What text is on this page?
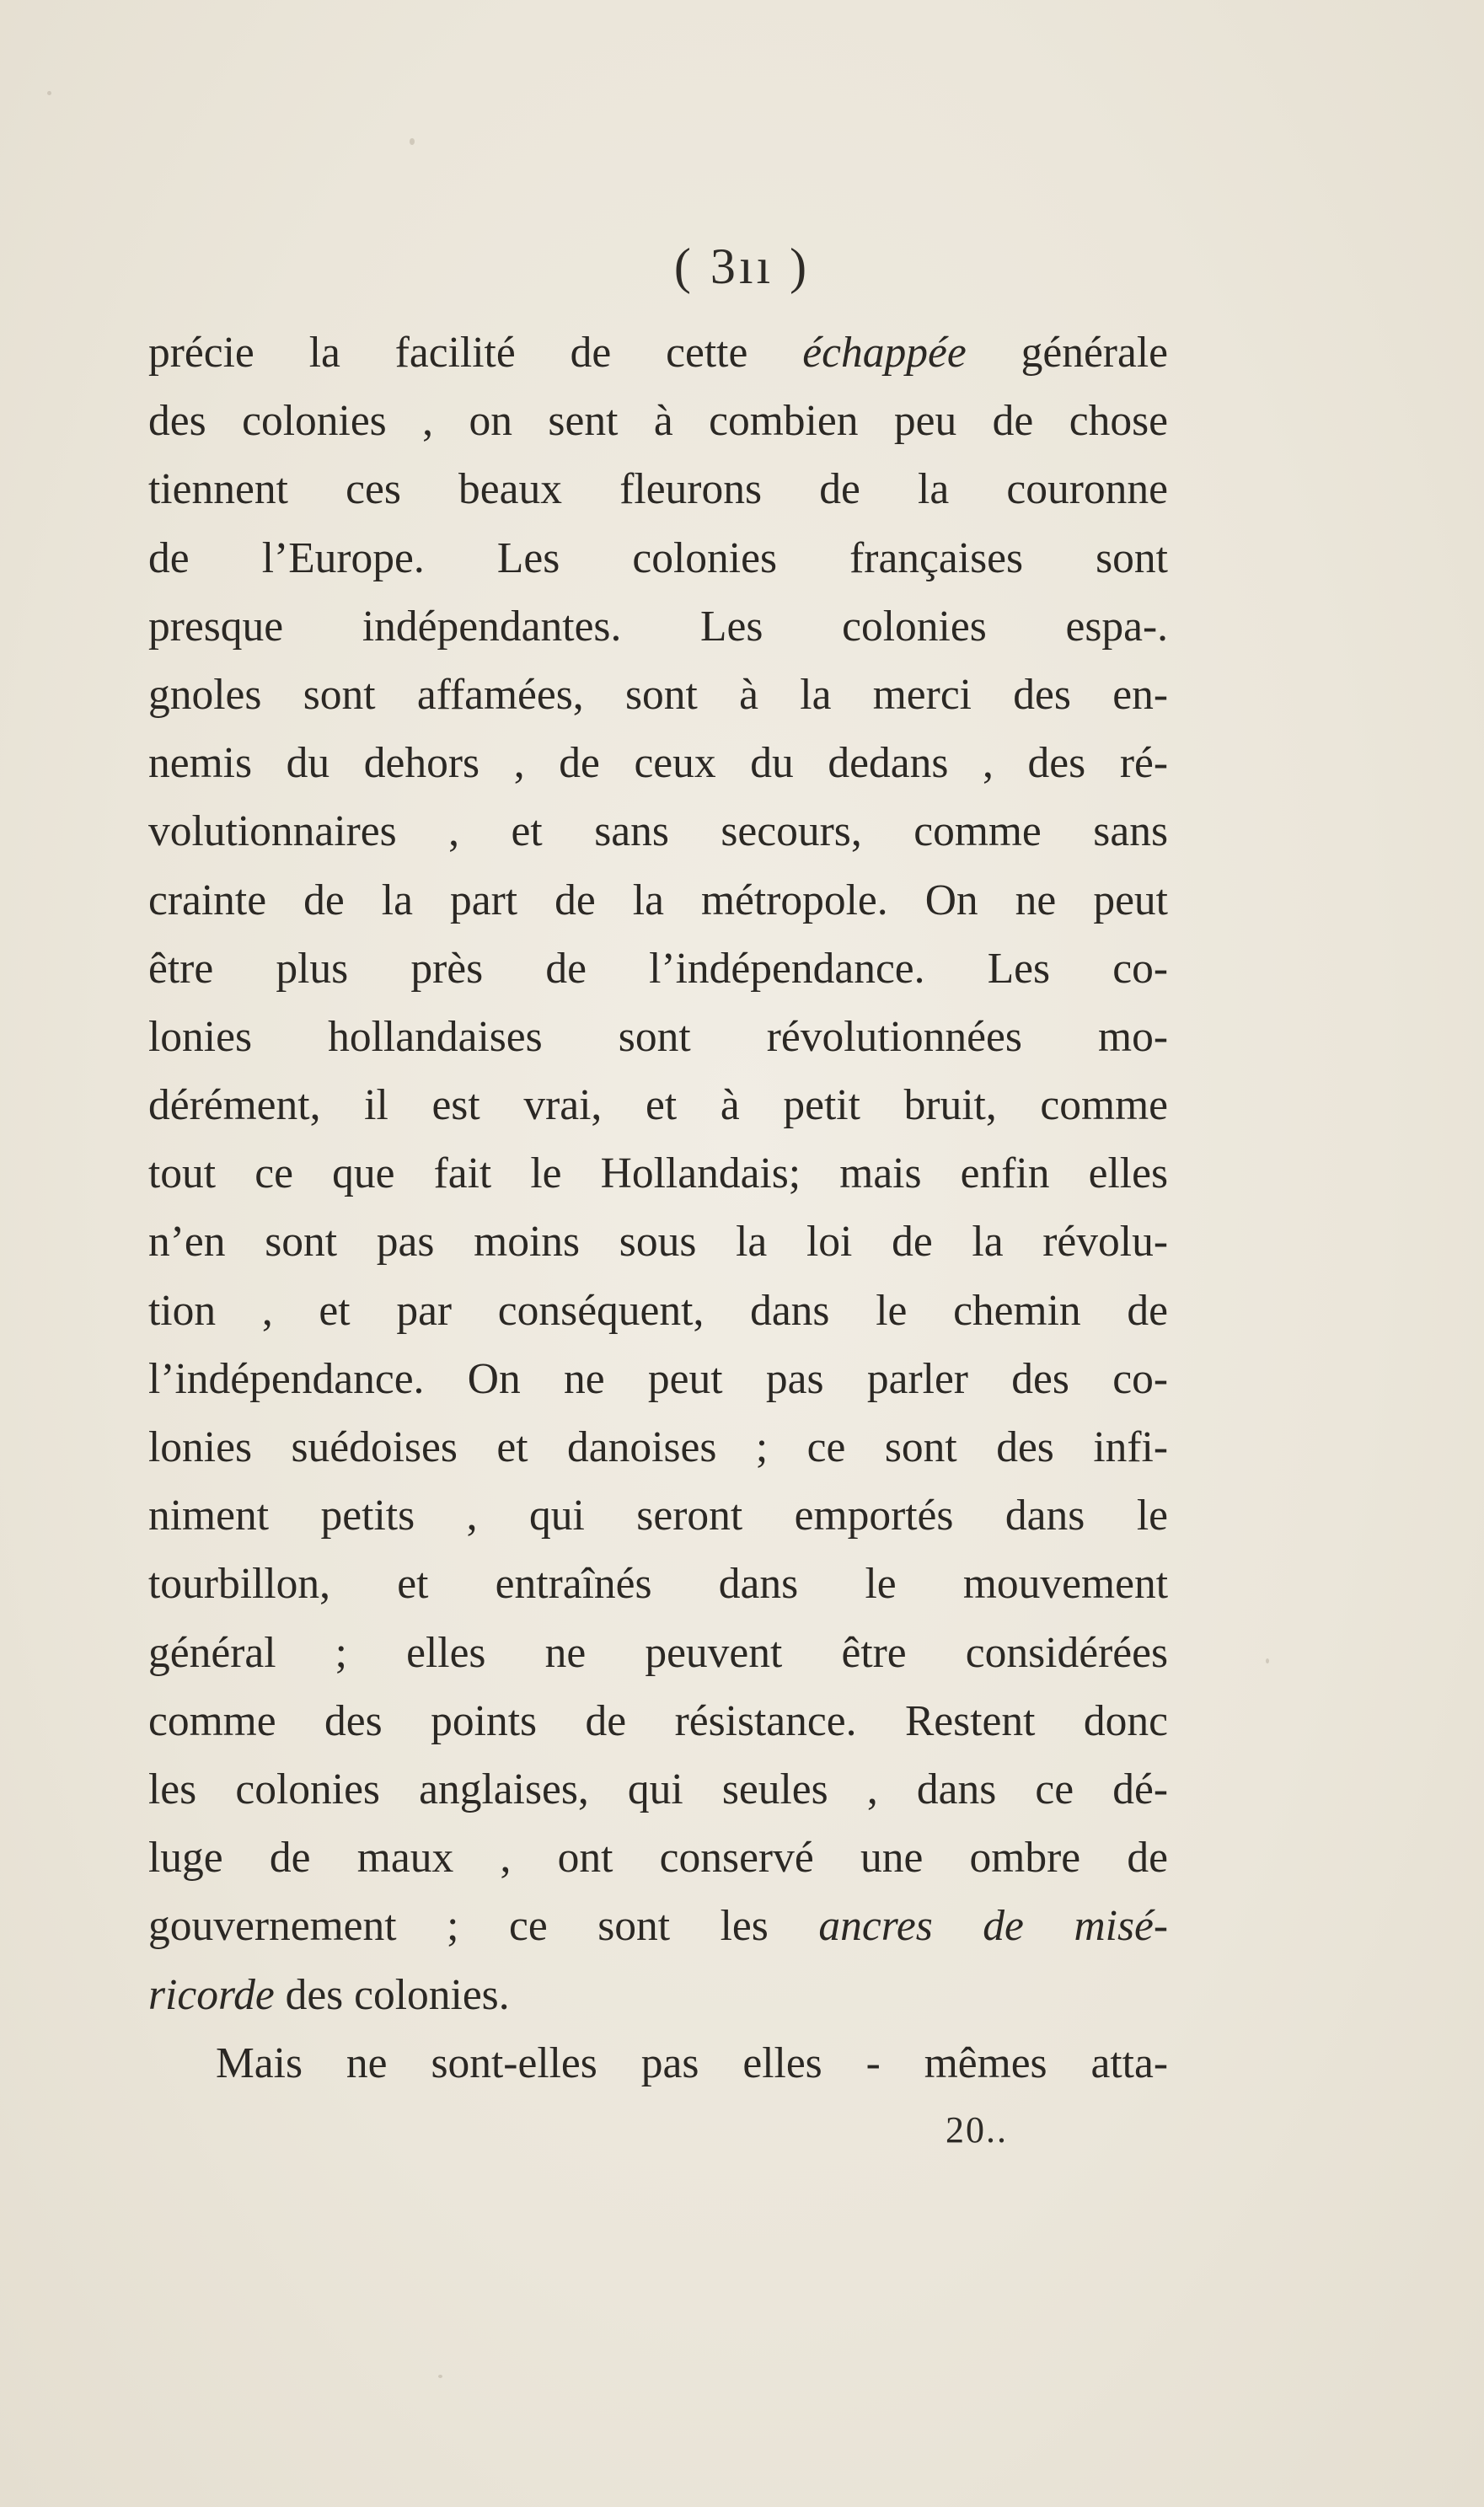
( 3ıı )
précie la facilité de cette échappée générale
des colonies , on sent à combien peu de chose
tiennent ces beaux fleurons de la couronne
de l’Europe. Les colonies françaises sont
presque indépendantes. Les colonies espa-.
gnoles sont affamées, sont à la merci des en-
nemis du dehors , de ceux du dedans , des ré-
volutionnaires , et sans secours, comme sans
crainte de la part de la métropole. On ne peut
être plus près de l’indépendance. Les co-
lonies hollandaises sont révolutionnées mo-
dérément, il est vrai, et à petit bruit, comme
tout ce que fait le Hollandais; mais enfin elles
n’en sont pas moins sous la loi de la révolu-
tion , et par conséquent, dans le chemin de
l’indépendance. On ne peut pas parler des co-
lonies suédoises et danoises ; ce sont des infi-
niment petits , qui seront emportés dans le
tourbillon, et entraînés dans le mouvement
général ; elles ne peuvent être considérées
comme des points de résistance. Restent donc
les colonies anglaises, qui seules , dans ce dé-
luge de maux , ont conservé une ombre de
gouvernement ; ce sont les ancres de misé-
ricorde des colonies.
Mais ne sont-elles pas elles - mêmes atta-
20..
